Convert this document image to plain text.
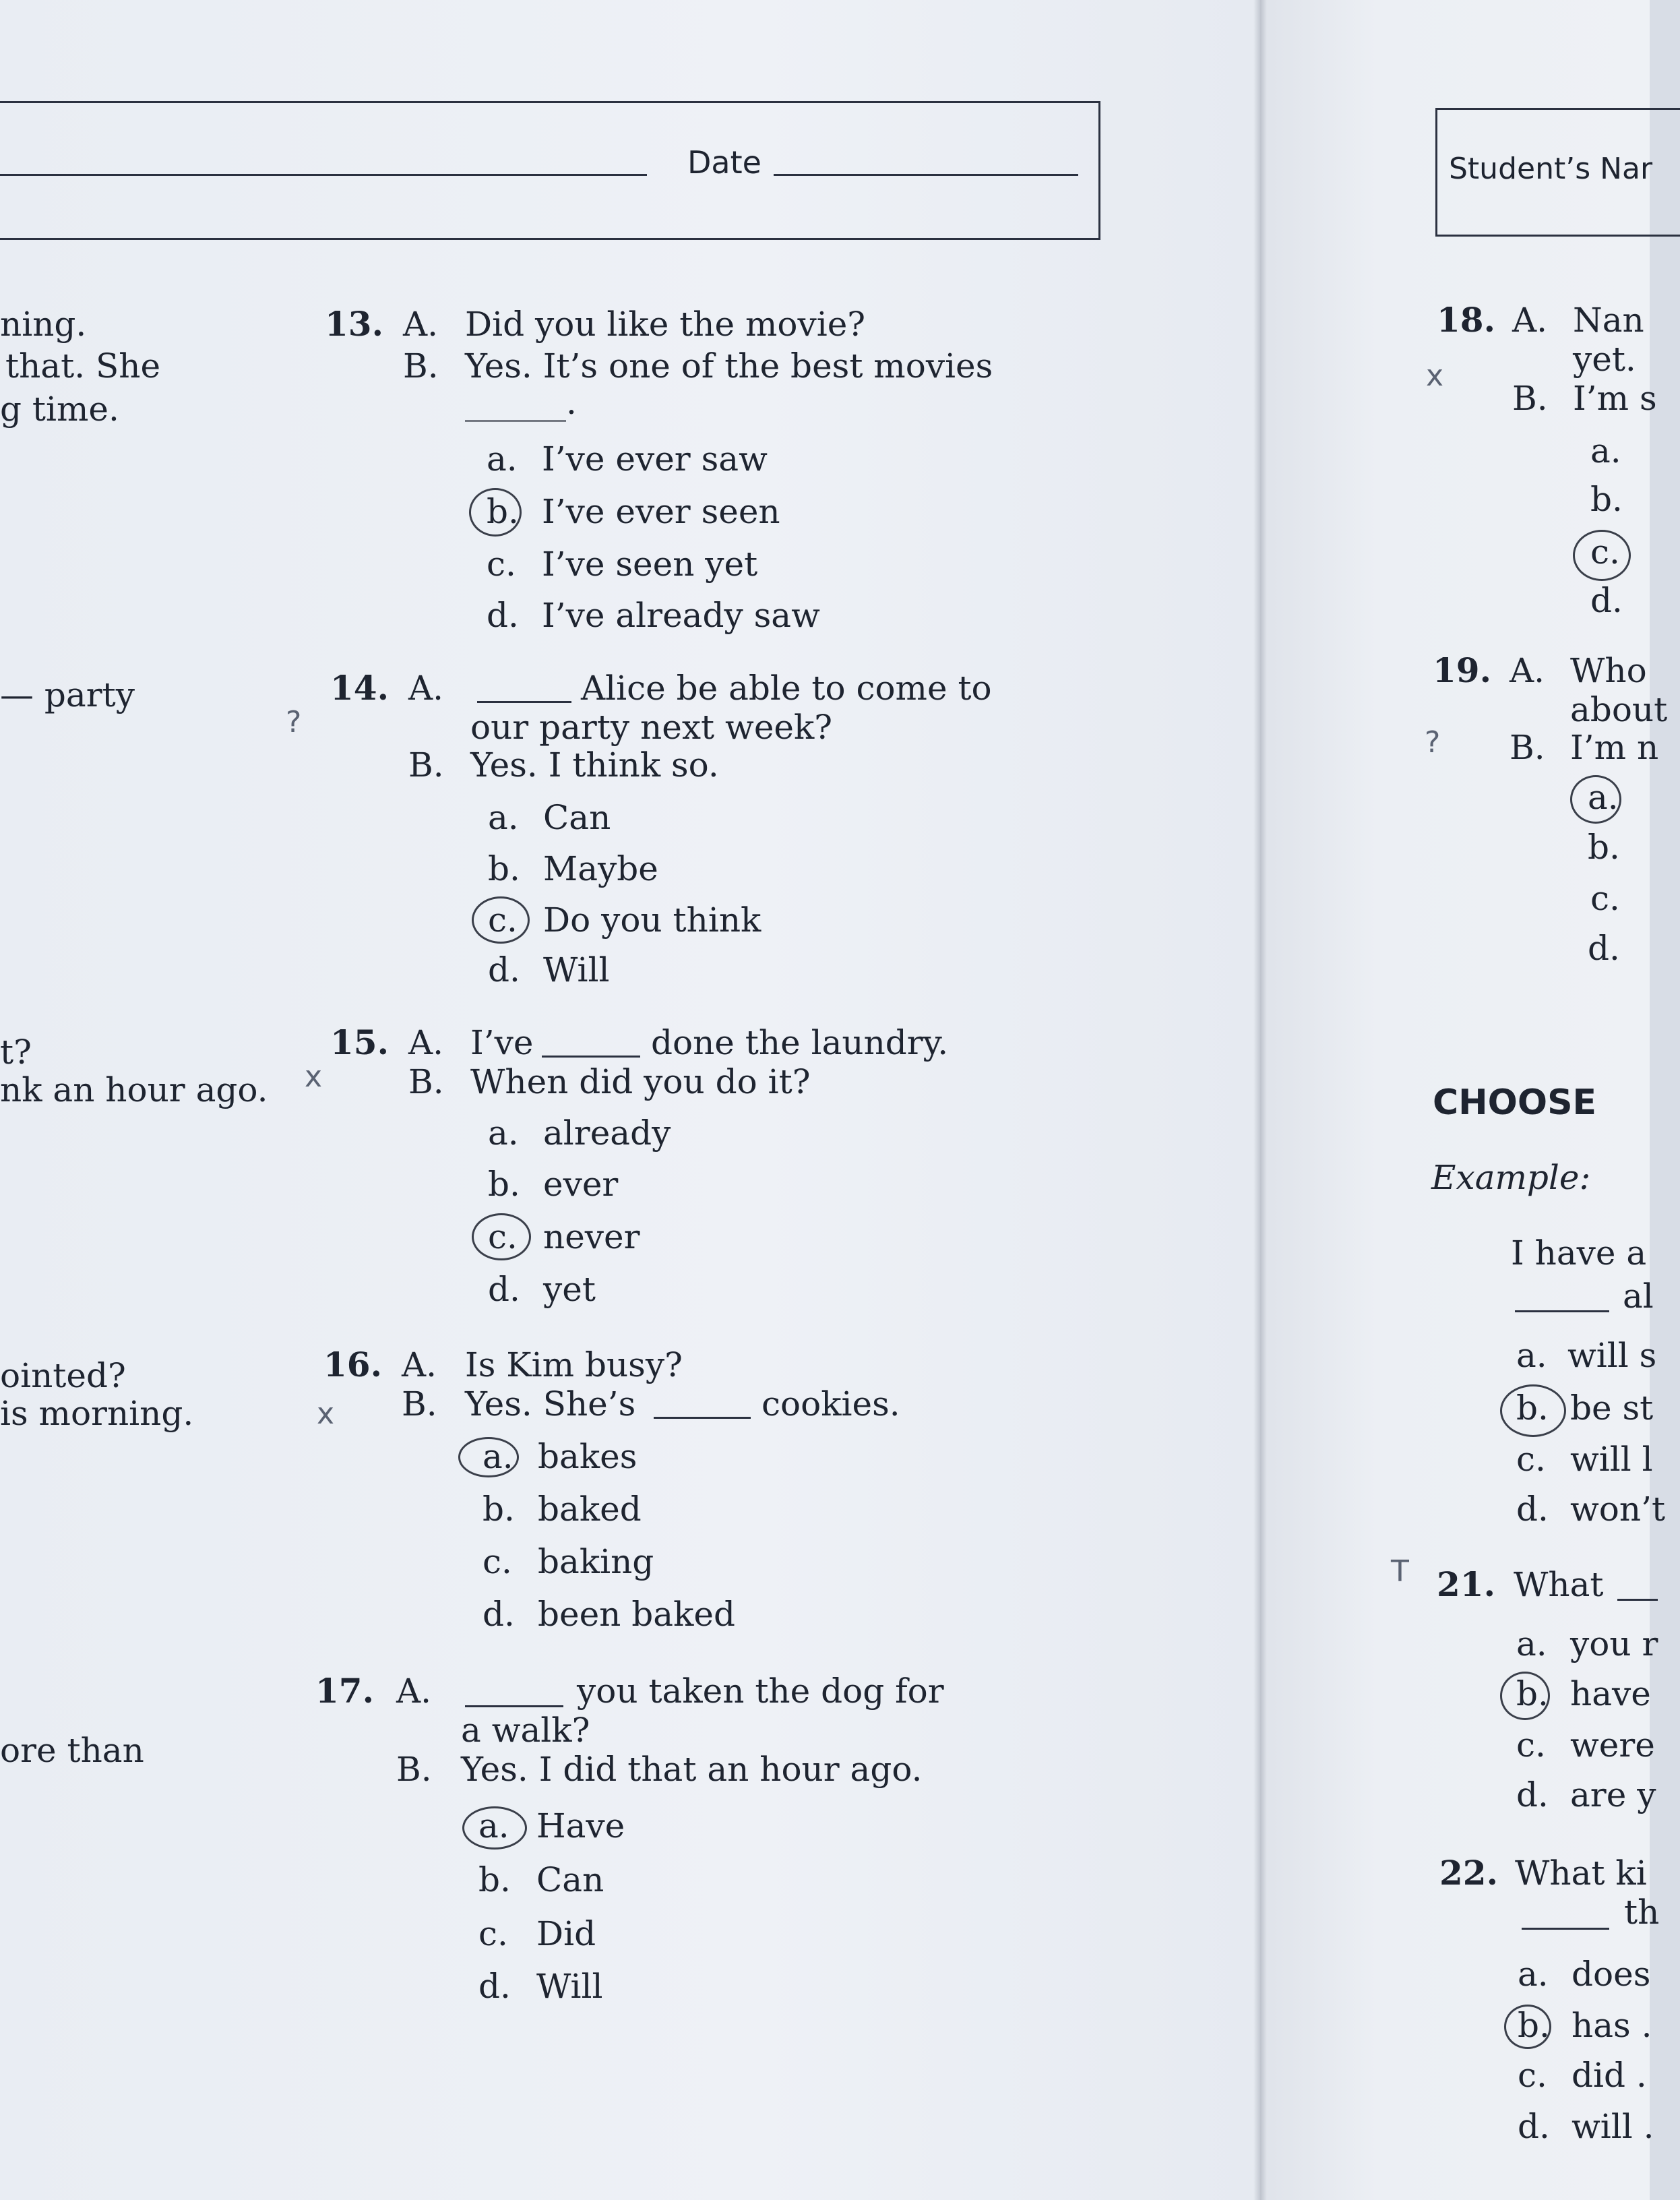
Date	Student’s Nar
ning.
that. She
g time.
— party
t?
nk an hour ago.
ointed?
is morning.
ore than
13. A. Did you like the movie?
B. Yes. It’s one of the best movies
______.
a. I’ve ever saw
b. I’ve ever seen
c. I’ve seen yet
d. I’ve already saw
14. A.	Alice be able to come to
our party next week?
B. Yes. I think so.
a. Can
b. Maybe
c. Do you think
d. Will
15. A. I’ve	done the laundry.
B. When did you do it?
a. already
b. ever
c. never
d. yet
16. A. Is Kim busy?
B. Yes. She’s	cookies.
a. bakes
b. baked
c. baking
d. been baked
17. A.	you taken the dog for
a walk?
B. Yes. I did that an hour ago.
a. Have
b. Can
c. Did
d. Will
?
x
x
x
?
T
18. A. Nan
yet.
B. I’m s
a.
b.
c.
d.
19. A. Who
about
B. I’m n
a.
b.
c.
d.
CHOOSE
Example:
I have a
al
a. will s
b. be st
c. will l
d. won’t
21. What
a. you r
b. have
c. were
d. are y
22. What ki
th
a. does
b. has .
c. did .
d. will .
